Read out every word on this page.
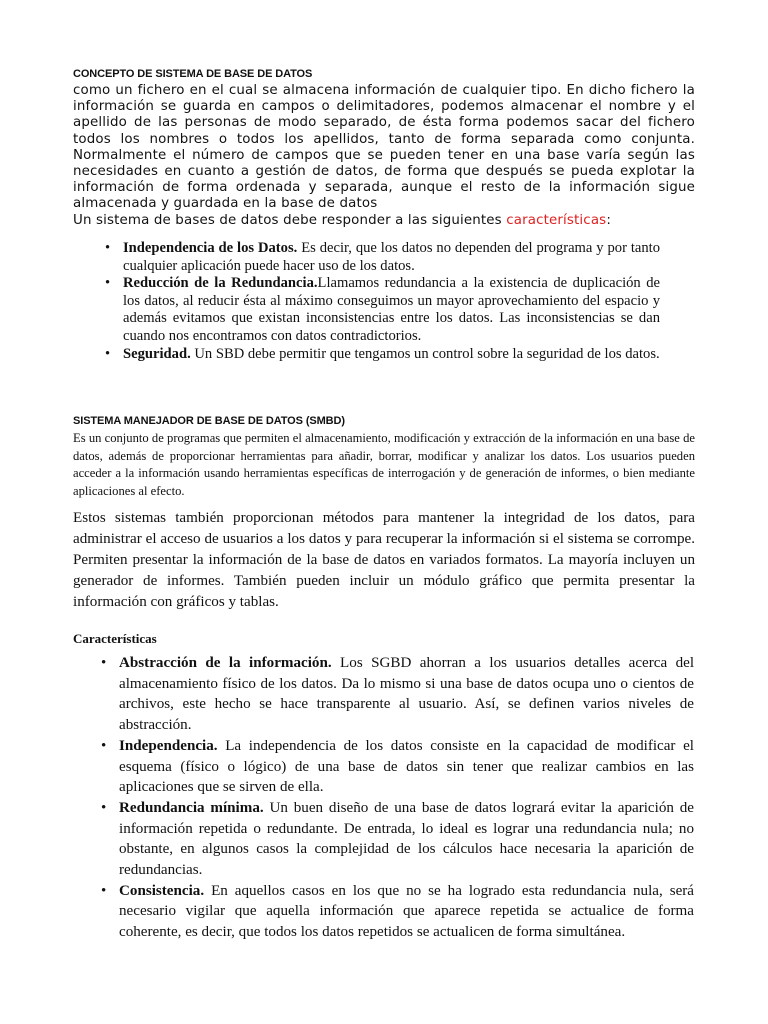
CONCEPTO DE SISTEMA DE BASE DE DATOS

como un fichero en el cual se almacena información de cualquier tipo. En dicho fichero la información se guarda en campos o delimitadores, podemos almacenar el nombre y el apellido de las personas de modo separado, de ésta forma podemos sacar del fichero todos los nombres o todos los apellidos, tanto de forma separada como conjunta. Normalmente el número de campos que se pueden tener en una base varía según las necesidades en cuanto a gestión de datos, de forma que después se pueda explotar la información de forma ordenada y separada, aunque el resto de la información sigue almacenada y guardada en la base de datos

Un sistema de bases de datos debe responder a las siguientes características:

• Independencia de los Datos. Es decir, que los datos no dependen del programa y por tanto cualquier aplicación puede hacer uso de los datos.
• Reducción de la Redundancia.Llamamos redundancia a la existencia de duplicación de los datos, al reducir ésta al máximo conseguimos un mayor aprovechamiento del espacio y además evitamos que existan inconsistencias entre los datos. Las inconsistencias se dan cuando nos encontramos con datos contradictorios.
• Seguridad. Un SBD debe permitir que tengamos un control sobre la seguridad de los datos.
SISTEMA MANEJADOR DE BASE DE DATOS (SMBD)

Es un conjunto de programas que permiten el almacenamiento, modificación y extracción de la información en una base de datos, además de proporcionar herramientas para añadir, borrar, modificar y analizar los datos. Los usuarios pueden acceder a la información usando herramientas específicas de interrogación y de generación de informes, o bien mediante aplicaciones al efecto.

Estos sistemas también proporcionan métodos para mantener la integridad de los datos, para administrar el acceso de usuarios a los datos y para recuperar la información si el sistema se corrompe. Permiten presentar la información de la base de datos en variados formatos. La mayoría incluyen un generador de informes. También pueden incluir un módulo gráfico que permita presentar la información con gráficos y tablas.

Características

• Abstracción de la información. Los SGBD ahorran a los usuarios detalles acerca del almacenamiento físico de los datos. Da lo mismo si una base de datos ocupa uno o cientos de archivos, este hecho se hace transparente al usuario. Así, se definen varios niveles de abstracción.
• Independencia. La independencia de los datos consiste en la capacidad de modificar el esquema (físico o lógico) de una base de datos sin tener que realizar cambios en las aplicaciones que se sirven de ella.
• Redundancia mínima. Un buen diseño de una base de datos logrará evitar la aparición de información repetida o redundante. De entrada, lo ideal es lograr una redundancia nula; no obstante, en algunos casos la complejidad de los cálculos hace necesaria la aparición de redundancias.
• Consistencia. En aquellos casos en los que no se ha logrado esta redundancia nula, será necesario vigilar que aquella información que aparece repetida se actualice de forma coherente, es decir, que todos los datos repetidos se actualicen de forma simultánea.
